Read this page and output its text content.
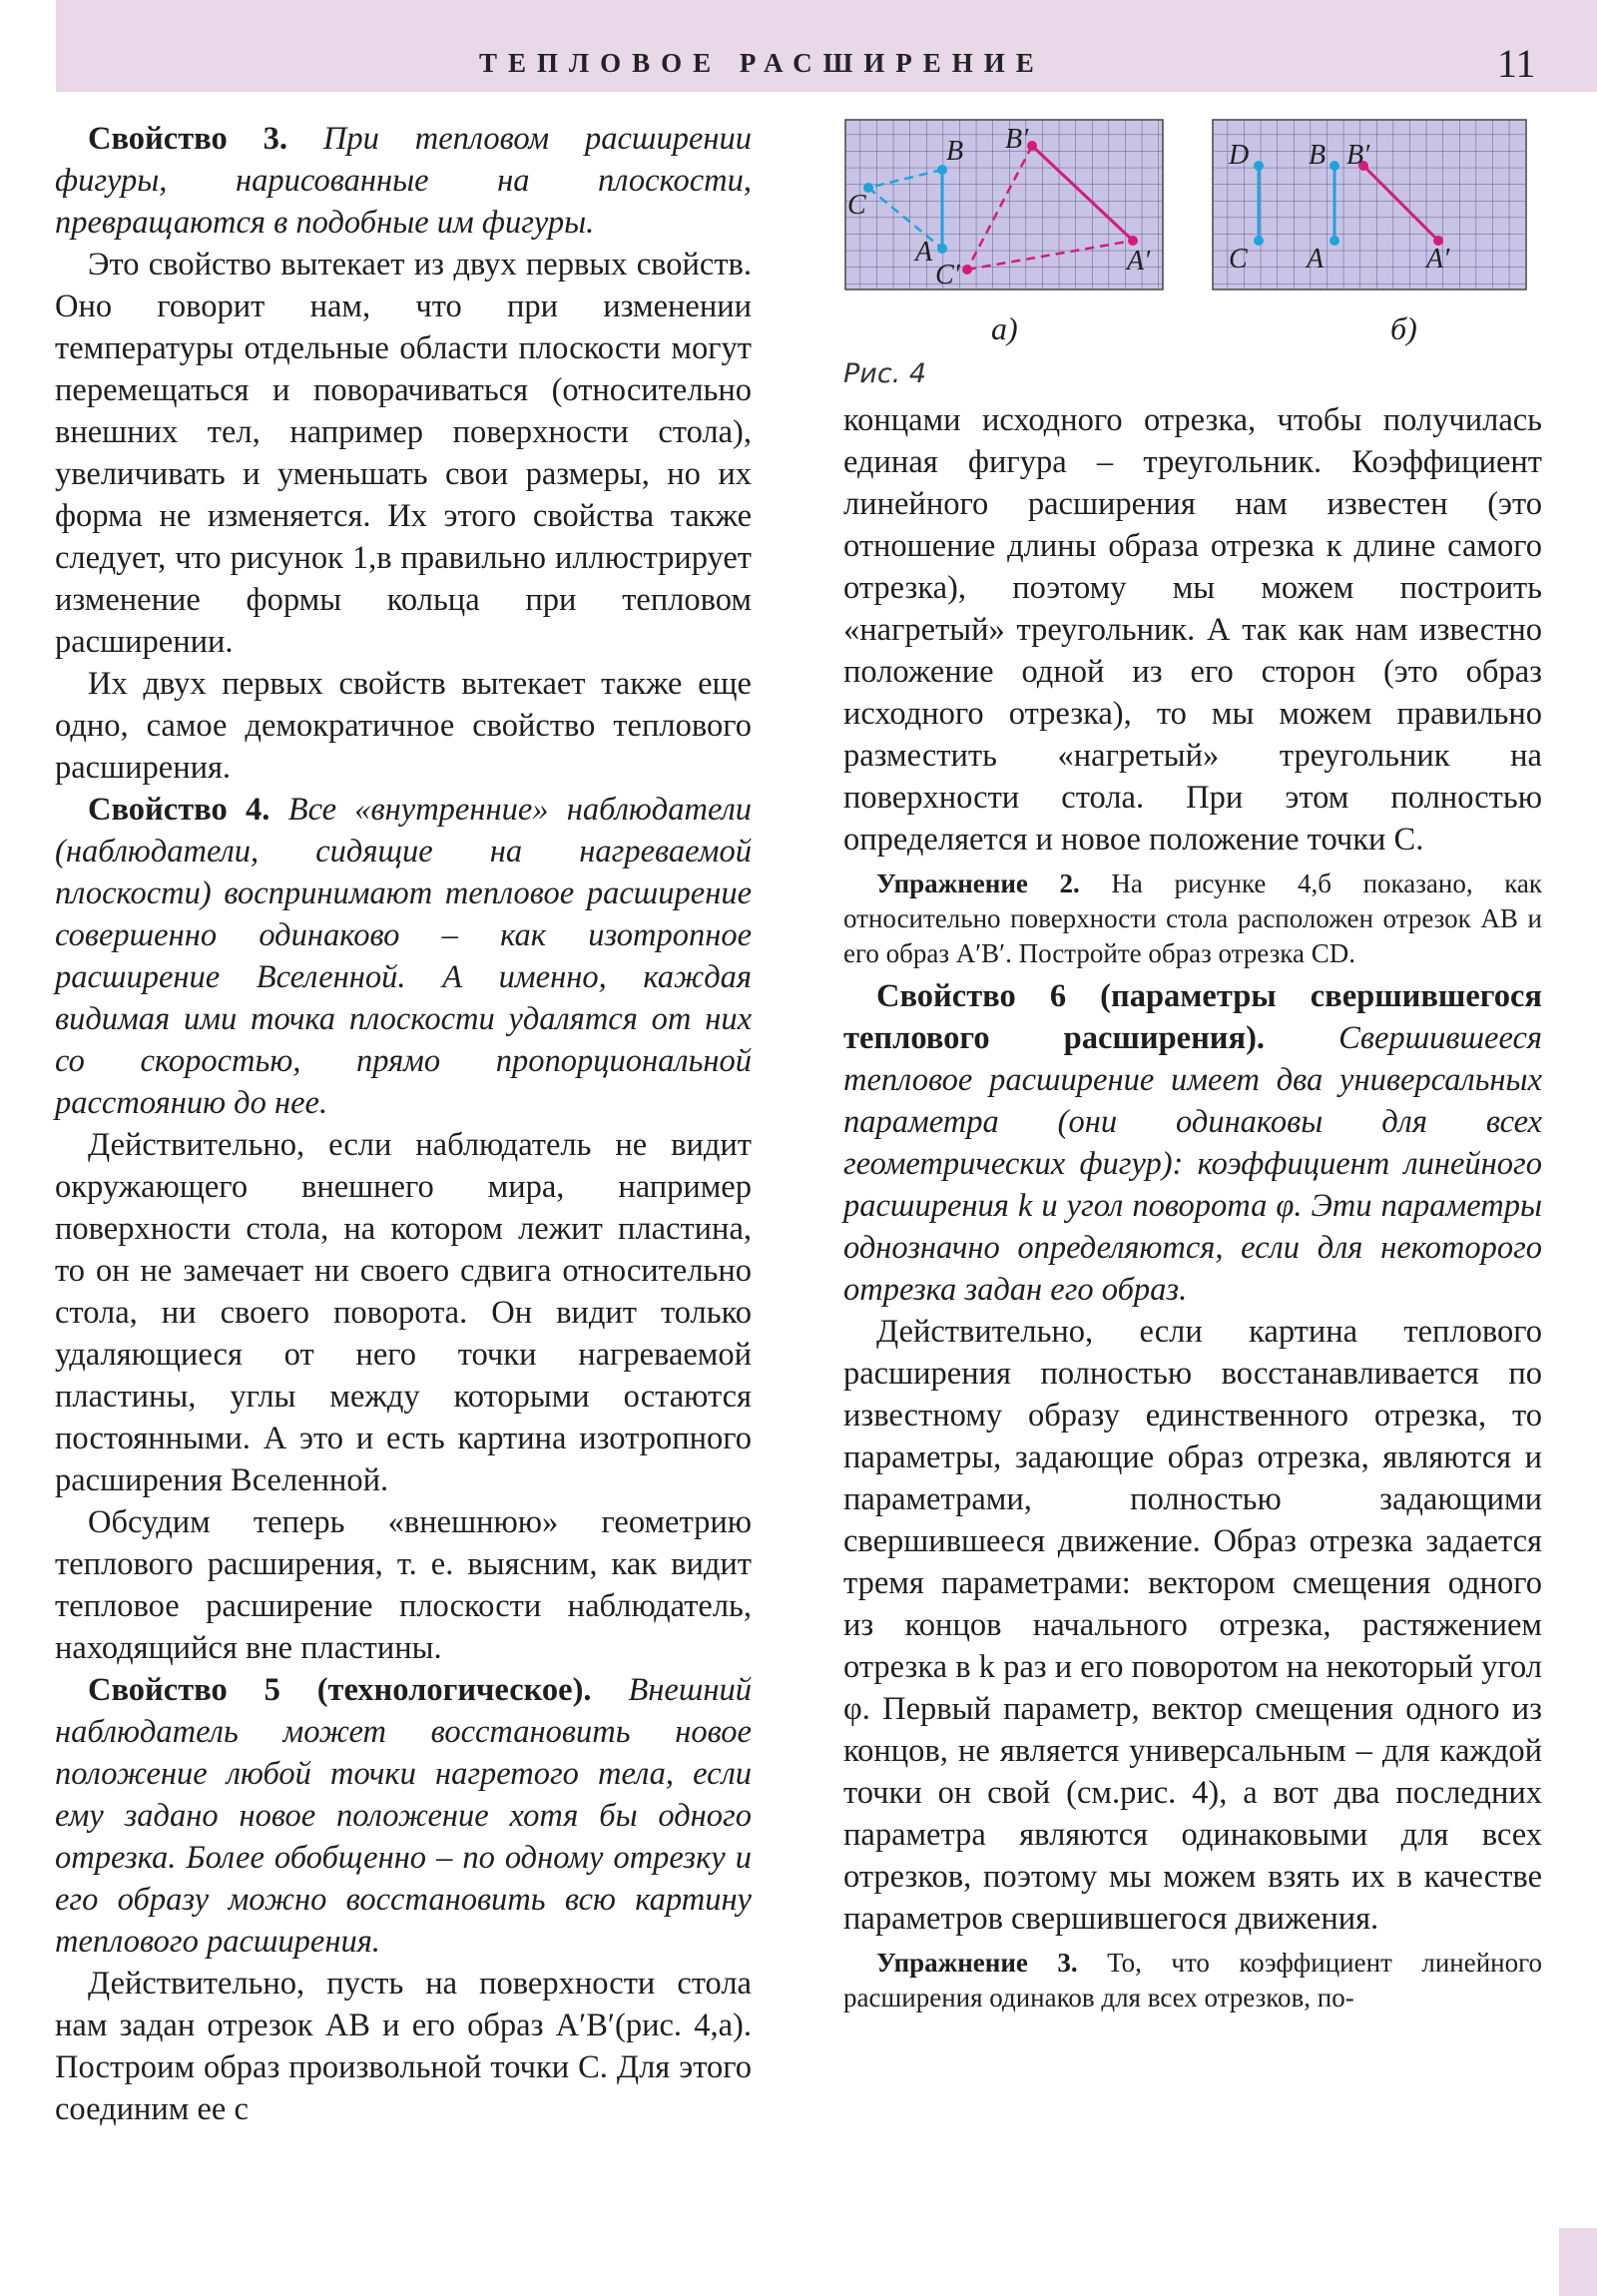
ТЕПЛОВОЕ РАСШИРЕНИЕ	11

Свойство 3. При тепловом расширении фигуры, нарисованные на плоскости, превращаются в подобные им фигуры.

Это свойство вытекает из двух первых свойств. Оно говорит нам, что при изменении температуры отдельные области плоскости могут перемещаться и поворачиваться (относительно внешних тел, например поверхности стола), увеличивать и уменьшать свои размеры, но их форма не изменяется. Их этого свойства также следует, что рисунок 1,в правильно иллюстрирует изменение формы кольца при тепловом расширении.

Их двух первых свойств вытекает также еще одно, самое демократичное свойство теплового расширения.

Свойство 4. Все «внутренние» наблюдатели (наблюдатели, сидящие на нагреваемой плоскости) воспринимают тепловое расширение совершенно одинаково – как изотропное расширение Вселенной. А именно, каждая видимая ими точка плоскости удалятся от них со скоростью, прямо пропорциональной расстоянию до нее.

Действительно, если наблюдатель не видит окружающего внешнего мира, например поверхности стола, на котором лежит пластина, то он не замечает ни своего сдвига относительно стола, ни своего поворота. Он видит только удаляющиеся от него точки нагреваемой пластины, углы между которыми остаются постоянными. А это и есть картина изотропного расширения Вселенной.

Обсудим теперь «внешнюю» геометрию теплового расширения, т. е. выясним, как видит тепловое расширение плоскости наблюдатель, находящийся вне пластины.

Свойство 5 (технологическое). Внешний наблюдатель может восстановить новое положение любой точки нагретого тела, если ему задано новое положение хотя бы одного отрезка. Более обобщенно – по одному отрезку и его образу можно восстановить всю картину теплового расширения.

Действительно, пусть на поверхности стола нам задан отрезок AB и его образ A′B′(рис. 4,а). Построим образ произвольной точки C. Для этого соединим ее с

B B′
C
A
C′	A′
D B B′
C A	A′
а)	б)
Рис. 4

концами исходного отрезка, чтобы получилась единая фигура – треугольник. Коэффициент линейного расширения нам известен (это отношение длины образа отрезка к длине самого отрезка), поэтому мы можем построить «нагретый» треугольник. А так как нам известно положение одной из его сторон (это образ исходного отрезка), то мы можем правильно разместить «нагретый» треугольник на поверхности стола. При этом полностью определяется и новое положение точки C.

Упражнение 2. На рисунке 4,б показано, как относительно поверхности стола расположен отрезок AB и его образ A′B′. Постройте образ отрезка CD.

Свойство 6 (параметры свершившегося теплового расширения). Свершившееся тепловое расширение имеет два универсальных параметра (они одинаковы для всех геометрических фигур): коэффициент линейного расширения k и угол поворота φ. Эти параметры однозначно определяются, если для некоторого отрезка задан его образ.

Действительно, если картина теплового расширения полностью восстанавливается по известному образу единственного отрезка, то параметры, задающие образ отрезка, являются и параметрами, полностью задающими свершившееся движение. Образ отрезка задается тремя параметрами: вектором смещения одного из концов начального отрезка, растяжением отрезка в k раз и его поворотом на некоторый угол φ. Первый параметр, вектор смещения одного из концов, не является универсальным – для каждой точки он свой (см.рис. 4), а вот два последних параметра являются одинаковыми для всех отрезков, поэтому мы можем взять их в качестве параметров свершившегося движения.

Упражнение 3. То, что коэффициент линейного расширения одинаков для всех отрезков, по-
